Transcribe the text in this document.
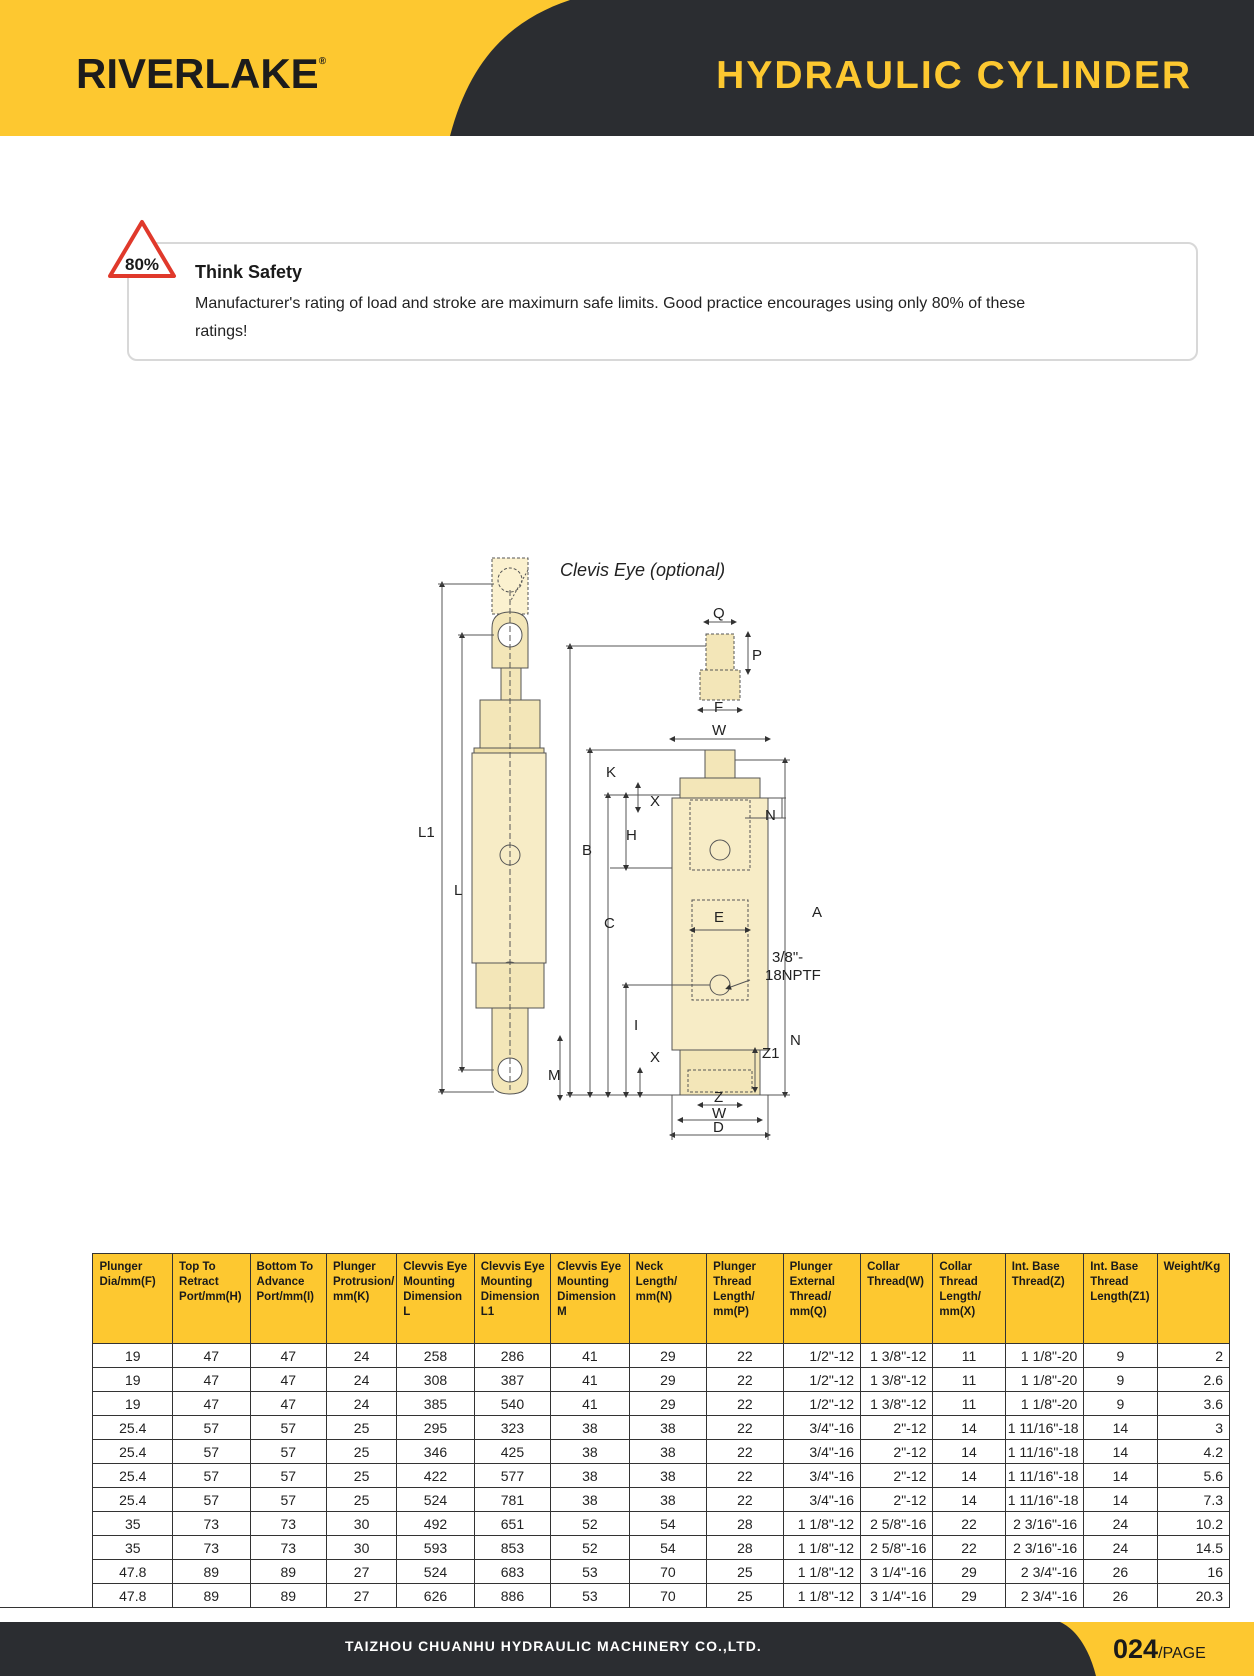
RIVERLAKE®	HYDRAULIC CYLINDER
80% Think Safety
Manufacturer's rating of load and stroke are maximurn safe limits. Good practice encourages using only 80% of these ratings!
Clevis Eye (optional)
Q
P
F
W
K
X
N
H
B
L1
L
C	E	A
3/8"-
18NPTF
I
X
N
Z1
M
Z
W
D
	Plunger Dia/mm(F)	Top To Retract Port/mm(H)	Bottom To Advance Port/mm(I)	Plunger Protrusion/ mm(K)	Clevvis Eye Mounting Dimension L	Clevvis Eye Mounting Dimension L1	Clevvis Eye Mounting Dimension M	Neck Length/ mm(N)	Plunger Thread Length/ mm(P)	Plunger External Thread/ mm(Q)	Collar Thread(W)	Collar Thread Length/ mm(X)	Int. Base Thread(Z)	Int. Base Thread Length(Z1)	Weight/Kg
	19	47	47	24	258	286	41	29	22	1/2"-12	1 3/8"-12	11	1 1/8"-20	9	2
	19	47	47	24	308	387	41	29	22	1/2"-12	1 3/8"-12	11	1 1/8"-20	9	2.6
	19	47	47	24	385	540	41	29	22	1/2"-12	1 3/8"-12	11	1 1/8"-20	9	3.6
	25.4	57	57	25	295	323	38	38	22	3/4"-16	2"-12	14	1 11/16"-18	14	3
	25.4	57	57	25	346	425	38	38	22	3/4"-16	2"-12	14	1 11/16"-18	14	4.2
	25.4	57	57	25	422	577	38	38	22	3/4"-16	2"-12	14	1 11/16"-18	14	5.6
	25.4	57	57	25	524	781	38	38	22	3/4"-16	2"-12	14	1 11/16"-18	14	7.3
	35	73	73	30	492	651	52	54	28	1 1/8"-12	2 5/8"-16	22	2 3/16"-16	24	10.2
	35	73	73	30	593	853	52	54	28	1 1/8"-12	2 5/8"-16	22	2 3/16"-16	24	14.5
	47.8	89	89	27	524	683	53	70	25	1 1/8"-12	3 1/4"-16	29	2 3/4"-16	26	16
	47.8	89	89	27	626	886	53	70	25	1 1/8"-12	3 1/4"-16	29	2 3/4"-16	26	20.3
TAIZHOU CHUANHU HYDRAULIC MACHINERY CO.,LTD.	024/PAGE
